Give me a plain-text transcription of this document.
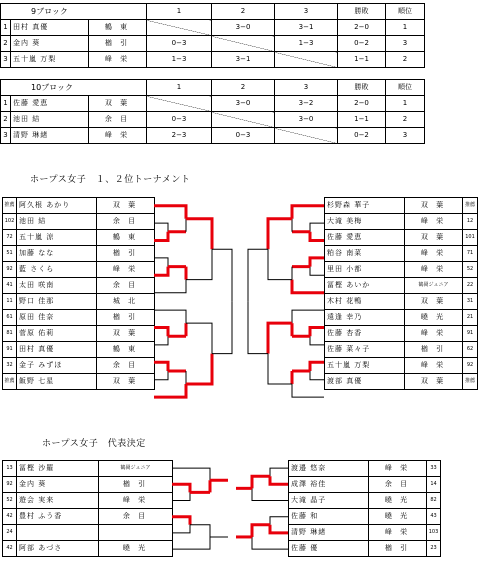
9ブロック			1	2	3	勝敗	順位
1	田村 真優	鶴 東		3−0	3−1	2−0	1
2	金内 葵	楢 引	0−3		1−3	0−2	3
3	五十嵐 万梨	峰 栄	1−3	3−1		1−1	2
10ブロック			1	2	3	勝敗	順位
1	佐藤 愛恵	双 葉		3−0	3−2	2−0	1
2	池田 結	余 目	0−3		3−0	1−1	2
3	清野 琳緒	峰 栄	2−3	0−3		0−2	3
ホープス女子　１、２位トーナメント
推薦	阿久根 あかり	双 葉
102	池田 結	余 目
72	五十嵐 涼	鶴 東
51	加藤 なな	楢 引
92	藍 さくら	峰 栄
41	太田 咲南	余 目
11	野口 佳那	城 北
61	原田 佳奈	楢 引
81	菅原 佑莉	双 葉
91	田村 真優	鶴 東
32	金子 みずほ	余 目
推薦	飯野 七星	双 葉
杉野森 華子	双 葉	推薦
大滝 美梅	峰 栄	12
佐藤 愛恵	双 葉	101
粕谷 南菜	峰 栄	71
里田 小都	峰 栄	52
冨樫 あいか	鶴岡ジュニア	22
木村 花鴨	双 葉	31
遠逢 幸乃	曉 光	21
佐藤 杏香	峰 栄	91
佐藤 菜々子	楢 引	62
五十嵐 万梨	峰 栄	92
渡部 真優	双 葉	推薦
ホープス女子　代表決定
13	冨樫 沙羅	鶴岡ジュニア
92	金内 葵	楢 引
52	遊会 実来	峰 栄
42	豊村 ふう香	余 目
24		
42	阿部 あづさ	曉 光
渡邉 悠奈	峰 栄	33
成澤 裕佳	余 目	14
大滝 晶子	曉 光	82
佐藤 和	曉 光	43
清野 琳緒	峰 栄	103
佐藤 優	楢 引	23
